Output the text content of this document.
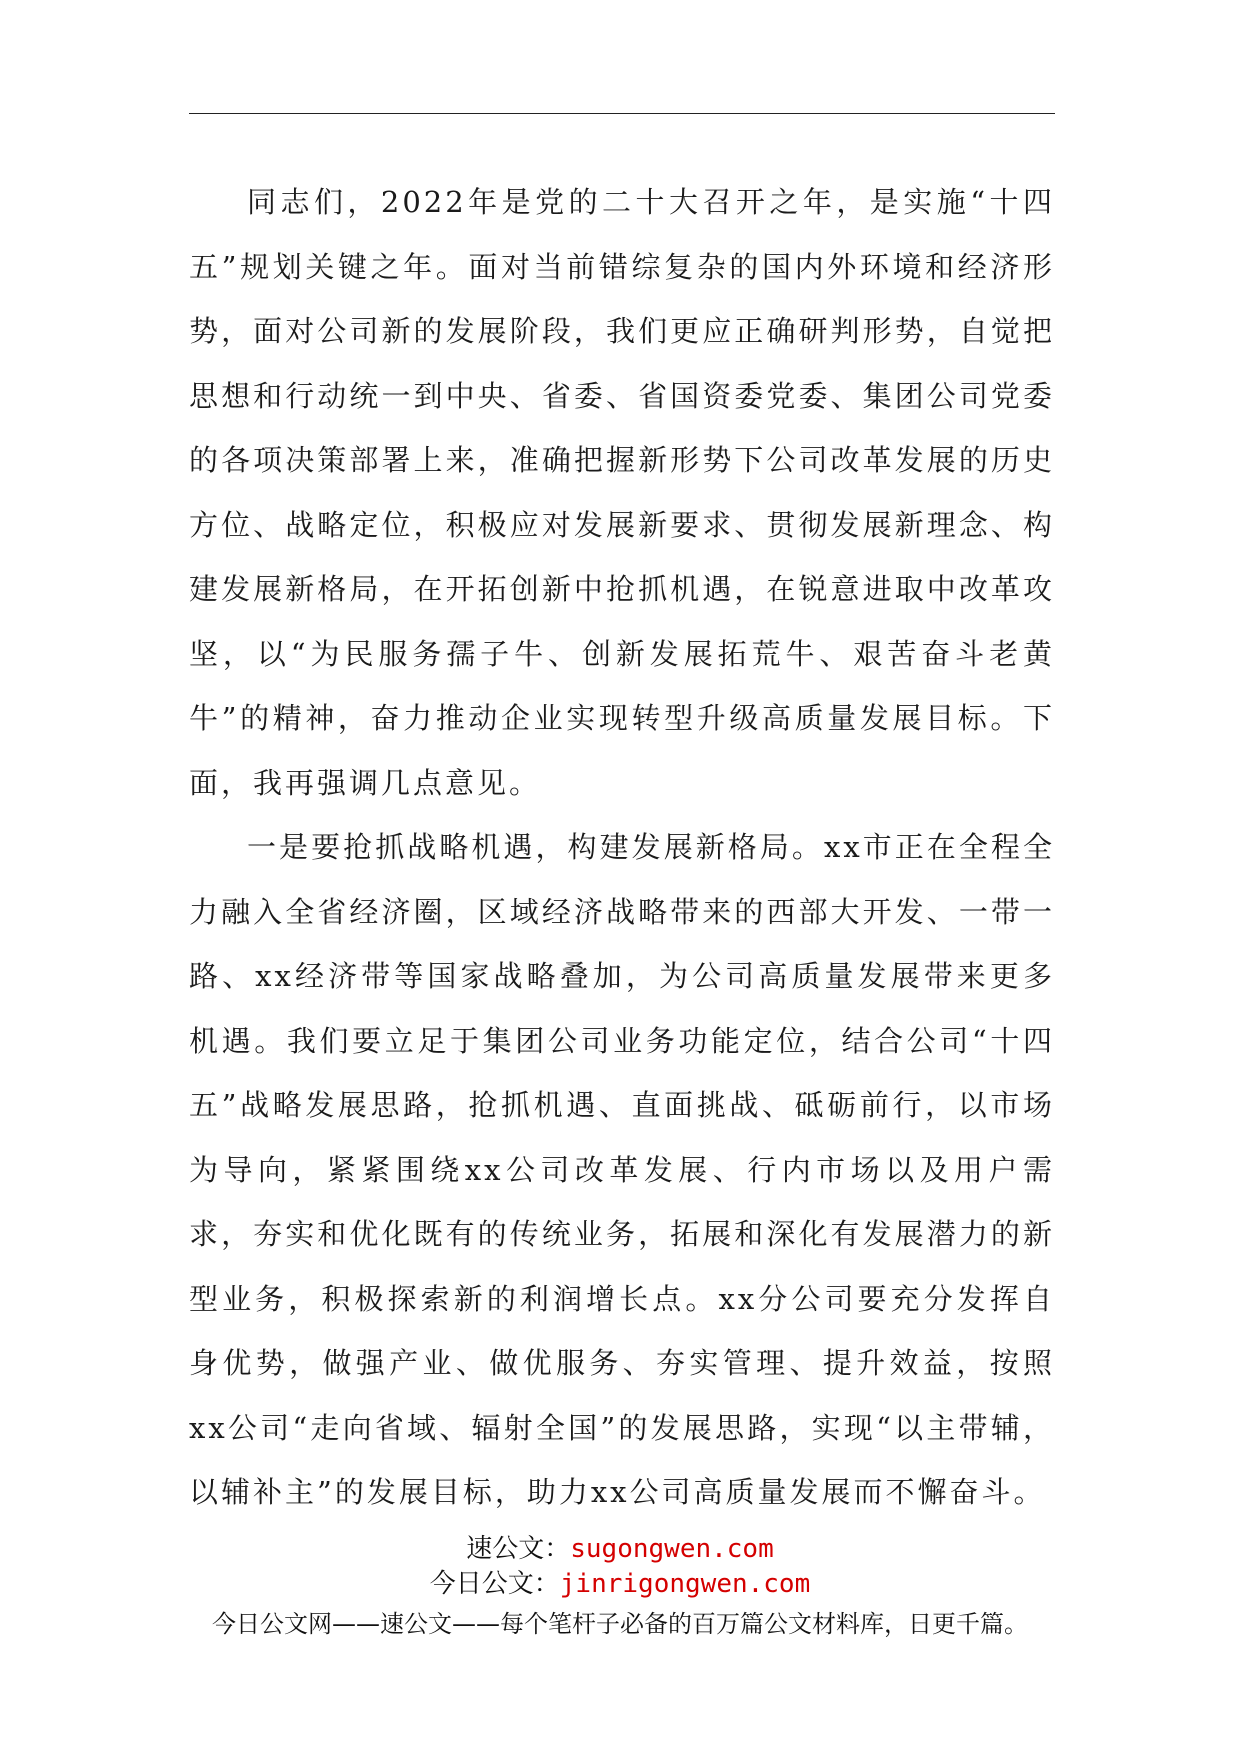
同志们，2022年是党的二十大召开之年，是实施“十四五”规划关键之年。面对当前错综复杂的国内外环境和经济形势，面对公司新的发展阶段，我们更应正确研判形势，自觉把思想和行动统一到中央、省委、省国资委党委、集团公司党委的各项决策部署上来，准确把握新形势下公司改革发展的历史方位、战略定位，积极应对发展新要求、贯彻发展新理念、构建发展新格局，在开拓创新中抢抓机遇，在锐意进取中改革攻坚，以“为民服务孺子牛、创新发展拓荒牛、艰苦奋斗老黄牛”的精神，奋力推动企业实现转型升级高质量发展目标。下面，我再强调几点意见。

一是要抢抓战略机遇，构建发展新格局。xx市正在全程全力融入全省经济圈，区域经济战略带来的西部大开发、一带一路、xx经济带等国家战略叠加，为公司高质量发展带来更多机遇。我们要立足于集团公司业务功能定位，结合公司“十四五”战略发展思路，抢抓机遇、直面挑战、砥砺前行，以市场为导向，紧紧围绕xx公司改革发展、行内市场以及用户需求，夯实和优化既有的传统业务，拓展和深化有发展潜力的新型业务，积极探索新的利润增长点。xx分公司要充分发挥自身优势，做强产业、做优服务、夯实管理、提升效益，按照xx公司“走向省域、辐射全国”的发展思路，实现“以主带辅，以辅补主”的发展目标，助力xx公司高质量发展而不懈奋斗。

速公文：sugongwen.com
今日公文：jinrigongwen.com
今日公文网——速公文——每个笔杆子必备的百万篇公文材料库，日更千篇。
